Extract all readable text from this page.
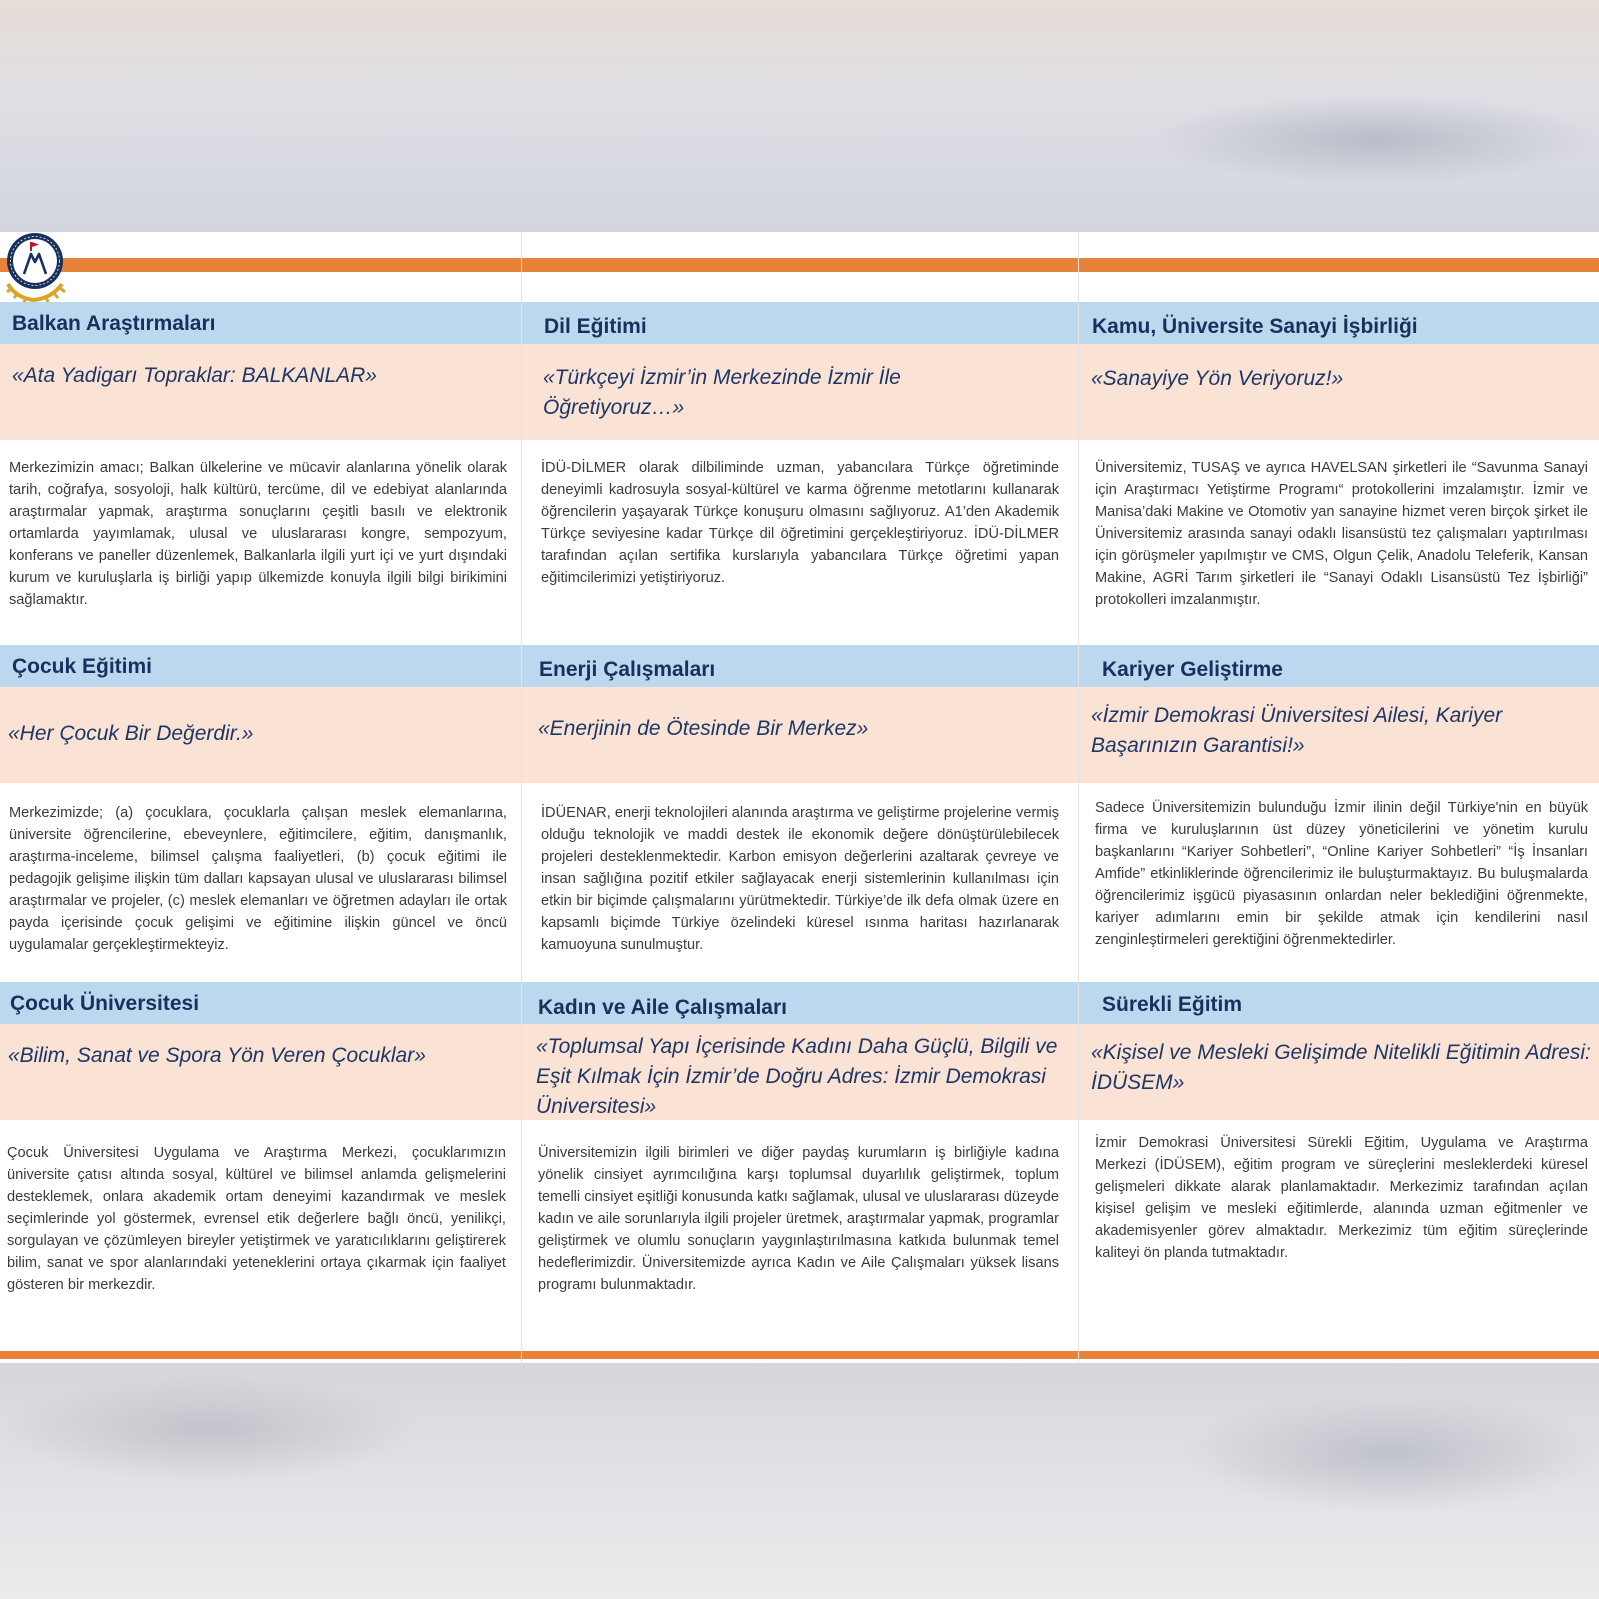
Balkan Araştırmaları	Dil Eğitimi	Kamu, Üniversite Sanayi İşbirliği
«Ata Yadigarı Topraklar: BALKANLAR»	«Türkçeyi İzmir’in Merkezinde İzmir İle Öğretiyoruz…»
«Sanayiye Yön Veriyoruz!»
Merkezimizin amacı; Balkan ülkelerine ve mücavir alanlarına yönelik olarak tarih, coğrafya, sosyoloji, halk kültürü, tercüme, dil ve edebiyat alanlarında araştırmalar yapmak, araştırma sonuçlarını çeşitli basılı ve elektronik ortamlarda yayımlamak, ulusal ve uluslararası kongre, sempozyum, konferans ve paneller düzenlemek, Balkanlarla ilgili yurt içi ve yurt dışındaki kurum ve kuruluşlarla iş birliği yapıp ülkemizde konuyla ilgili bilgi birikimini sağlamaktır.
İDÜ-DİLMER olarak dilbiliminde uzman, yabancılara Türkçe öğretiminde deneyimli kadrosuyla sosyal-kültürel ve karma öğrenme metotlarını kullanarak öğrencilerin yaşayarak Türkçe konuşuru olmasını sağlıyoruz. A1’den Akademik Türkçe seviyesine kadar Türkçe dil öğretimini gerçekleştiriyoruz. İDÜ-DİLMER tarafından açılan sertifika kurslarıyla yabancılara Türkçe öğretimi yapan eğitimcilerimizi yetiştiriyoruz.
Üniversitemiz, TUSAŞ ve ayrıca HAVELSAN şirketleri ile “Savunma Sanayi için Araştırmacı Yetiştirme Programı“ protokollerini imzalamıştır. İzmir ve Manisa’daki Makine ve Otomotiv yan sanayine hizmet veren birçok şirket ile Üniversitemiz arasında sanayi odaklı lisansüstü tez çalışmaları yaptırılması için görüşmeler yapılmıştır ve CMS, Olgun Çelik, Anadolu Teleferik, Kansan Makine, AGRİ Tarım şirketleri ile “Sanayi Odaklı Lisansüstü Tez İşbirliği” protokolleri imzalanmıştır.
Çocuk Eğitimi	Enerji Çalışmaları	Kariyer Geliştirme
«Her Çocuk Bir Değerdir.»	«Enerjinin de Ötesinde Bir Merkez»
«İzmir Demokrasi Üniversitesi Ailesi, Kariyer Başarınızın Garantisi!»
Merkezimizde; (a) çocuklara, çocuklarla çalışan meslek elemanlarına, üniversite öğrencilerine, ebeveynlere, eğitimcilere, eğitim, danışmanlık, araştırma-inceleme, bilimsel çalışma faaliyetleri, (b) çocuk eğitimi ile pedagojik gelişime ilişkin tüm dalları kapsayan ulusal ve uluslararası bilimsel araştırmalar ve projeler, (c) meslek elemanları ve öğretmen adayları ile ortak payda içerisinde çocuk gelişimi ve eğitimine ilişkin güncel ve öncü uygulamalar gerçekleştirmekteyiz.
İDÜENAR, enerji teknolojileri alanında araştırma ve geliştirme projelerine vermiş olduğu teknolojik ve maddi destek ile ekonomik değere dönüştürülebilecek projeleri desteklenmektedir. Karbon emisyon değerlerini azaltarak çevreye ve insan sağlığına pozitif etkiler sağlayacak enerji sistemlerinin kullanılması için etkin bir biçimde çalışmalarını yürütmektedir. Türkiye’de ilk defa olmak üzere en kapsamlı biçimde Türkiye özelindeki küresel ısınma haritası hazırlanarak kamuoyuna sunulmuştur.
Sadece Üniversitemizin bulunduğu İzmir ilinin değil Türkiye'nin en büyük firma ve kuruluşlarının üst düzey yöneticilerini ve yönetim kurulu başkanlarını “Kariyer Sohbetleri”, “Online Kariyer Sohbetleri” “İş İnsanları Amfide” etkinliklerinde öğrencilerimiz ile buluşturmaktayız. Bu buluşmalarda öğrencilerimiz işgücü piyasasının onlardan neler beklediğini öğrenmekte, kariyer adımlarını emin bir şekilde atmak için kendilerini nasıl zenginleştirmeleri gerektiğini öğrenmektedirler.
Çocuk Üniversitesi	Kadın ve Aile Çalışmaları	Sürekli Eğitim
«Bilim, Sanat ve Spora Yön Veren Çocuklar»	«Toplumsal Yapı İçerisinde Kadını Daha Güçlü, Bilgili ve Eşit Kılmak İçin İzmir’de Doğru Adres: İzmir Demokrasi Üniversitesi»
«Kişisel ve Mesleki Gelişimde Nitelikli Eğitimin Adresi: İDÜSEM»
Çocuk Üniversitesi Uygulama ve Araştırma Merkezi, çocuklarımızın üniversite çatısı altında sosyal, kültürel ve bilimsel anlamda gelişmelerini desteklemek, onlara akademik ortam deneyimi kazandırmak ve meslek seçimlerinde yol göstermek, evrensel etik değerlere bağlı öncü, yenilikçi, sorgulayan ve çözümleyen bireyler yetiştirmek ve yaratıcılıklarını geliştirerek bilim, sanat ve spor alanlarındaki yeteneklerini ortaya çıkarmak için faaliyet gösteren bir merkezdir.
Üniversitemizin ilgili birimleri ve diğer paydaş kurumların iş birliğiyle kadına yönelik cinsiyet ayrımcılığına karşı toplumsal duyarlılık geliştirmek, toplum temelli cinsiyet eşitliği konusunda katkı sağlamak, ulusal ve uluslararası düzeyde kadın ve aile sorunlarıyla ilgili projeler üretmek, araştırmalar yapmak, programlar geliştirmek ve olumlu sonuçların yaygınlaştırılmasına katkıda bulunmak temel hedeflerimizdir. Üniversitemizde ayrıca Kadın ve Aile Çalışmaları yüksek lisans programı bulunmaktadır.
İzmir Demokrasi Üniversitesi Sürekli Eğitim, Uygulama ve Araştırma Merkezi (İDÜSEM), eğitim program ve süreçlerini mesleklerdeki küresel gelişmeleri dikkate alarak planlamaktadır. Merkezimiz tarafından açılan kişisel gelişim ve mesleki eğitimlerde, alanında uzman eğitmenler ve akademisyenler görev almaktadır. Merkezimiz tüm eğitim süreçlerinde kaliteyi ön planda tutmaktadır.
